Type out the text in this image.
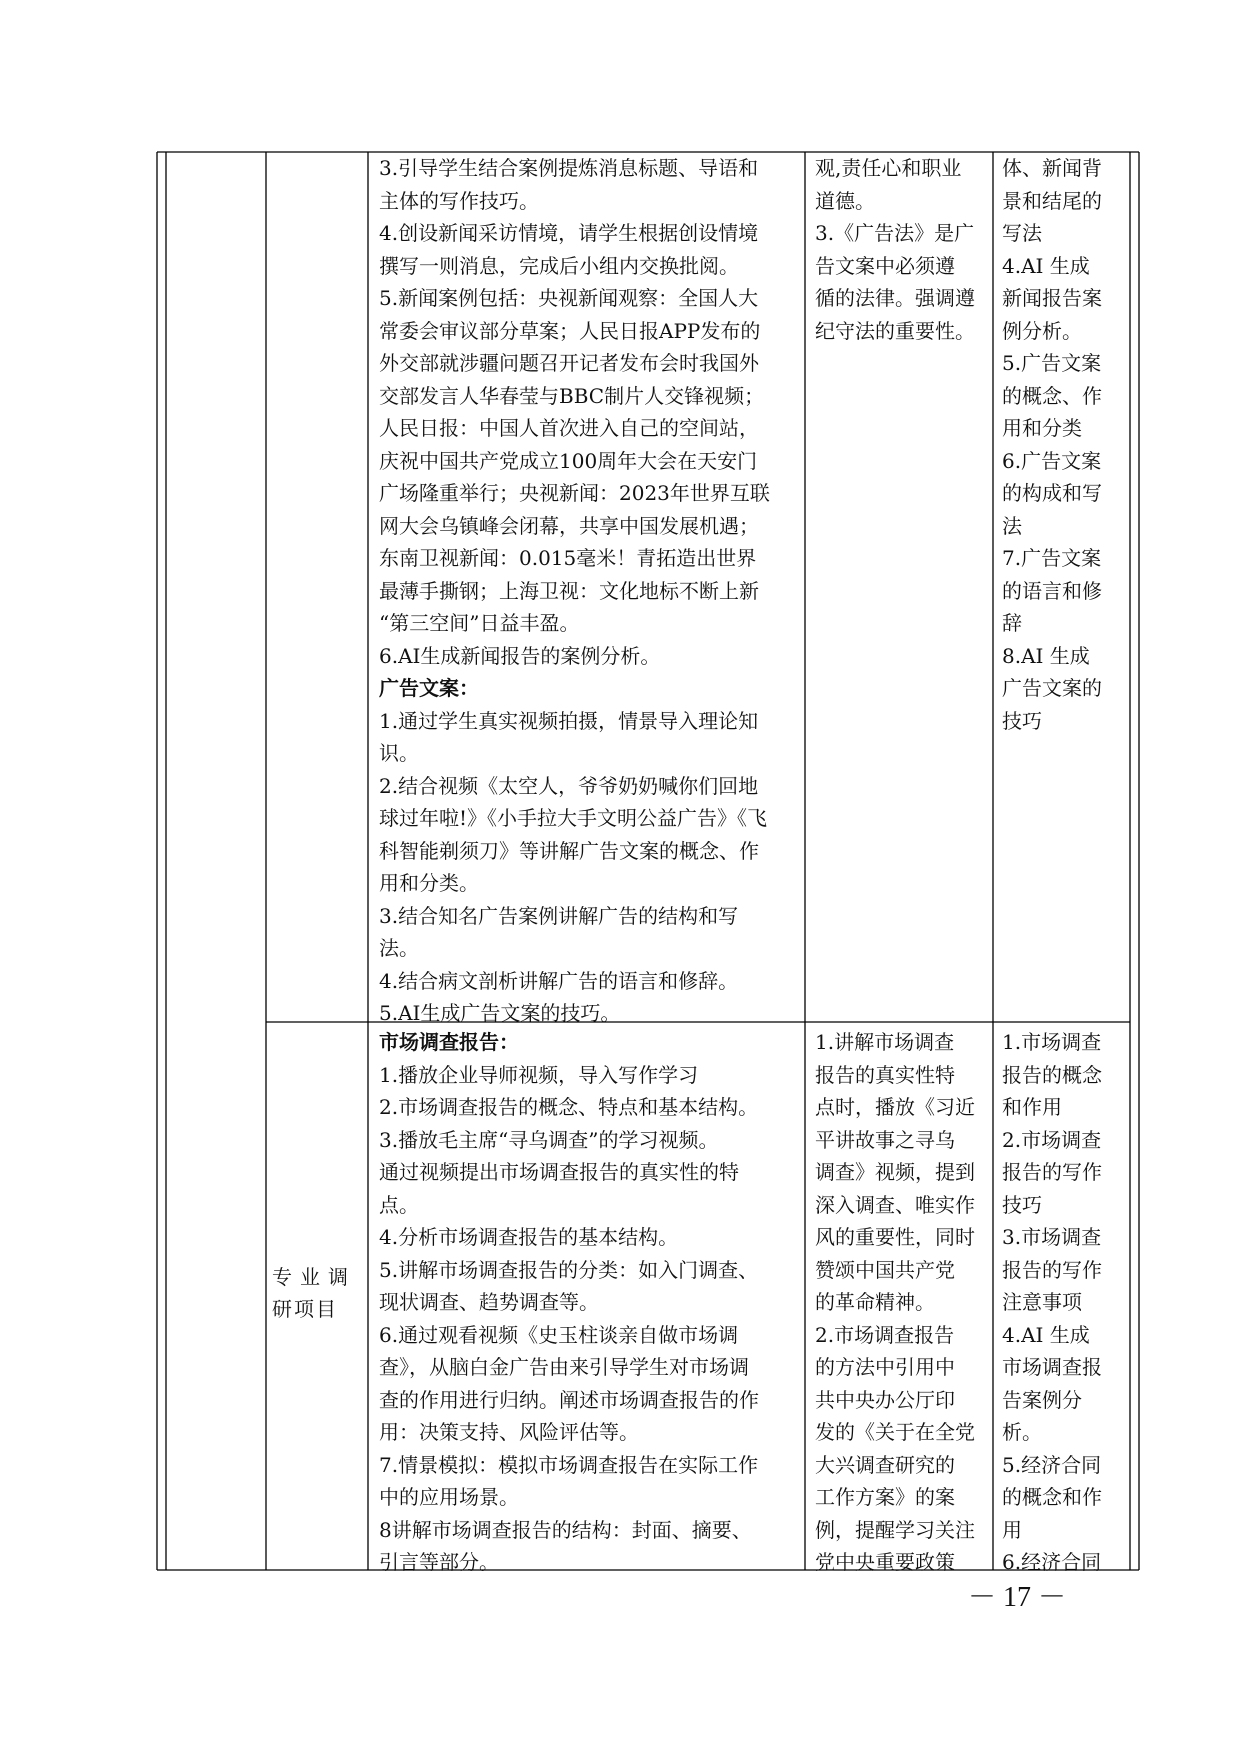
3.引导学生结合案例提炼消息标题、导语和

主体的写作技巧。

4.创设新闻采访情境，请学生根据创设情境

撰写一则消息，完成后小组内交换批阅。

5.新闻案例包括：央视新闻观察：全国人大

常委会审议部分草案；人民日报APP发布的

外交部就涉疆问题召开记者发布会时我国外

交部发言人华春莹与BBC制片人交锋视频；

人民日报：中国人首次进入自己的空间站，

庆祝中国共产党成立100周年大会在天安门

广场隆重举行；央视新闻：2023年世界互联

网大会乌镇峰会闭幕，共享中国发展机遇；

东南卫视新闻：0.015毫米！青拓造出世界

最薄手撕钢；上海卫视：文化地标不断上新

“第三空间”日益丰盈。

6.AI生成新闻报告的案例分析。

广告文案：

1.通过学生真实视频拍摄，情景导入理论知

识。

2.结合视频《太空人，爷爷奶奶喊你们回地

球过年啦!》《小手拉大手文明公益广告》《飞

科智能剃须刀》等讲解广告文案的概念、作

用和分类。

3.结合知名广告案例讲解广告的结构和写

法。

4.结合病文剖析讲解广告的语言和修辞。

5.AI生成广告文案的技巧。

观,责任心和职业

道德。

3.《广告法》是广

告文案中必须遵

循的法律。强调遵

纪守法的重要性。

体、新闻背

景和结尾的

写法

4.AI 生成

新闻报告案

例分析。

5.广告文案

的概念、作

用和分类

6.广告文案

的构成和写

法

7.广告文案

的语言和修

辞

8.AI 生成

广告文案的

技巧

专业调

研项目

市场调查报告：

1.播放企业导师视频，导入写作学习

2.市场调查报告的概念、特点和基本结构。

3.播放毛主席“寻乌调查”的学习视频。

通过视频提出市场调查报告的真实性的特

点。

4.分析市场调查报告的基本结构。

5.讲解市场调查报告的分类：如入门调查、

现状调查、趋势调查等。

6.通过观看视频《史玉柱谈亲自做市场调

查》，从脑白金广告由来引导学生对市场调

查的作用进行归纳。阐述市场调查报告的作

用：决策支持、风险评估等。

7.情景模拟：模拟市场调查报告在实际工作

中的应用场景。

8讲解市场调查报告的结构：封面、摘要、

引言等部分。

1.讲解市场调查

报告的真实性特

点时，播放《习近

平讲故事之寻乌

调查》视频，提到

深入调查、唯实作

风的重要性，同时

赞颂中国共产党

的革命精神。

2.市场调查报告

的方法中引用中

共中央办公厅印

发的《关于在全党

大兴调查研究的

工作方案》的案

例，提醒学习关注

党中央重要政策

1.市场调查

报告的概念

和作用

2.市场调查

报告的写作

技巧

3.市场调查

报告的写作

注意事项

4.AI 生成

市场调查报

告案例分

析。

5.经济合同

的概念和作

用

6.经济合同

－ 17 －
